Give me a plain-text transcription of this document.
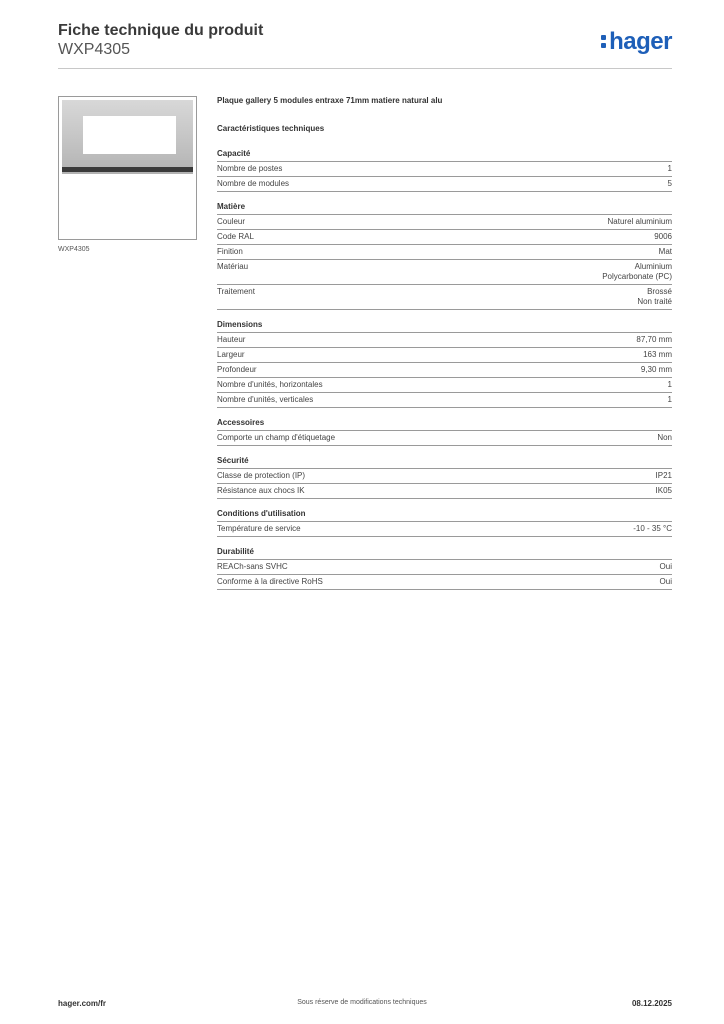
Fiche technique du produit
WXP4305	hager
WXP4305
Plaque gallery 5 modules entraxe 71mm matiere natural alu
Caractéristiques techniques
Capacité
Nombre de postes	1
Nombre de modules	5
Matière
Couleur	Naturel aluminium
Code RAL	9006
Finition	Mat
Matériau	Aluminium
Polycarbonate (PC)
Traitement	Brossé
Non traité
Dimensions
Hauteur	87,70 mm
Largeur	163 mm
Profondeur	9,30 mm
Nombre d'unités, horizontales	1
Nombre d'unités, verticales	1
Accessoires
Comporte un champ d'étiquetage	Non
Sécurité
Classe de protection (IP)	IP21
Résistance aux chocs IK	IK05
Conditions d'utilisation
Température de service	-10 - 35 °C
Durabilité
REACh-sans SVHC	Oui
Conforme à la directive RoHS	Oui
hager.com/fr	Sous réserve de modifications techniques	08.12.2025
